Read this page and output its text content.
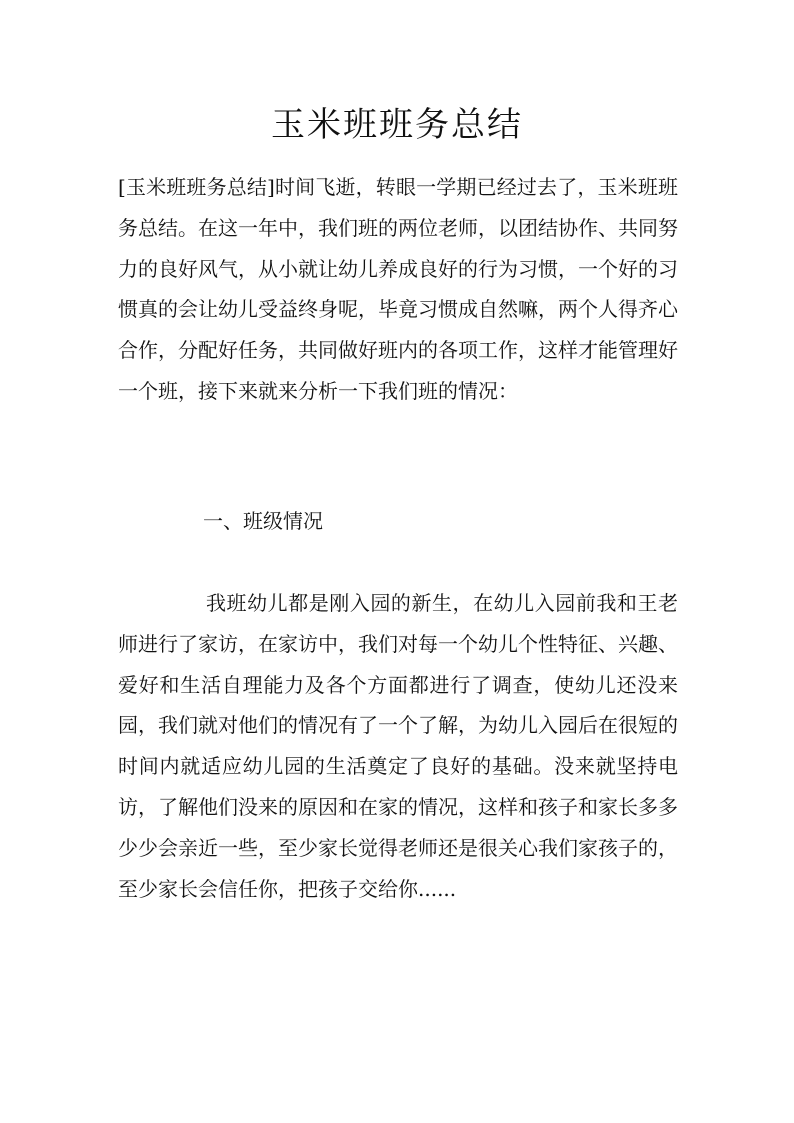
玉米班班务总结

[玉米班班务总结]时间飞逝，转眼一学期已经过去了，玉米班班务总结。在这一年中，我们班的两位老师，以团结协作、共同努力的良好风气，从小就让幼儿养成良好的行为习惯，一个好的习惯真的会让幼儿受益终身呢，毕竟习惯成自然嘛，两个人得齐心合作，分配好任务，共同做好班内的各项工作，这样才能管理好一个班，接下来就来分析一下我们班的情况：

一、班级情况

我班幼儿都是刚入园的新生，在幼儿入园前我和王老师进行了家访，在家访中，我们对每一个幼儿个性特征、兴趣、爱好和生活自理能力及各个方面都进行了调查，使幼儿还没来园，我们就对他们的情况有了一个了解，为幼儿入园后在很短的时间内就适应幼儿园的生活奠定了良好的基础。没来就坚持电访，了解他们没来的原因和在家的情况，这样和孩子和家长多多少少会亲近一些，至少家长觉得老师还是很关心我们家孩子的，至少家长会信任你，把孩子交给你......
